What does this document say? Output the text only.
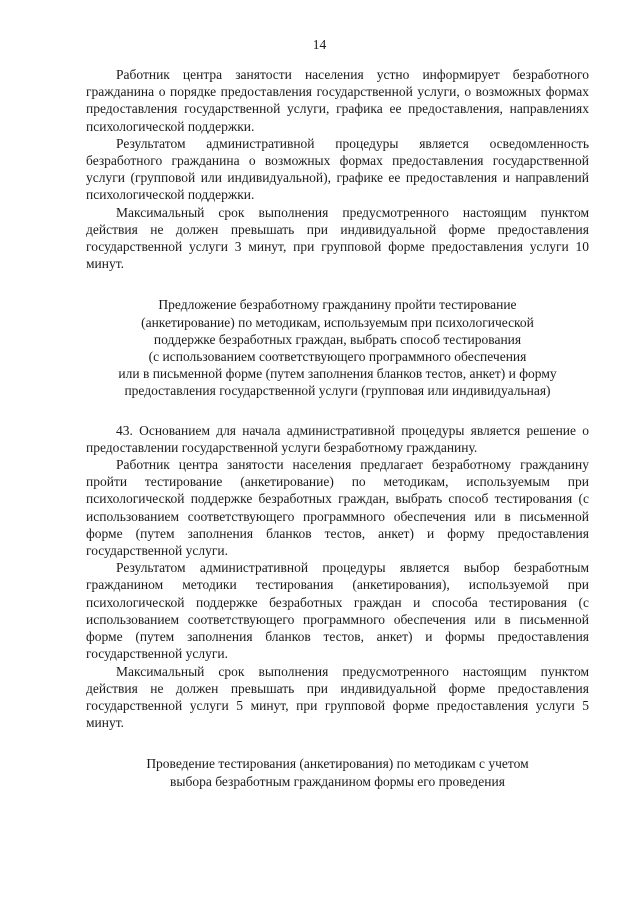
14

Работник центра занятости населения устно информирует безработного гражданина о порядке предоставления государственной услуги, о возможных формах предоставления государственной услуги, графика ее предоставления, направлениях психологической поддержки.

Результатом административной процедуры является осведомленность безработного гражданина о возможных формах предоставления государственной услуги (групповой или индивидуальной), графике ее предоставления и направлений психологической поддержки.

Максимальный срок выполнения предусмотренного настоящим пунктом действия не должен превышать при индивидуальной форме предоставления государственной услуги 3 минут, при групповой форме предоставления услуги 10 минут.

Предложение безработному гражданину пройти тестирование
(анкетирование) по методикам, используемым при психологической
поддержке безработных граждан, выбрать способ тестирования
(с использованием соответствующего программного обеспечения
или в письменной форме (путем заполнения бланков тестов, анкет) и форму
предоставления государственной услуги (групповая или индивидуальная)

43. Основанием для начала административной процедуры является решение о предоставлении государственной услуги безработному гражданину.

Работник центра занятости населения предлагает безработному гражданину пройти тестирование (анкетирование) по методикам, используемым при психологической поддержке безработных граждан, выбрать способ тестирования (с использованием соответствующего программного обеспечения или в письменной форме (путем заполнения бланков тестов, анкет) и форму предоставления государственной услуги.

Результатом административной процедуры является выбор безработным гражданином методики тестирования (анкетирования), используемой при психологической поддержке безработных граждан и способа тестирования (с использованием соответствующего программного обеспечения или в письменной форме (путем заполнения бланков тестов, анкет) и формы предоставления государственной услуги.

Максимальный срок выполнения предусмотренного настоящим пунктом действия не должен превышать при индивидуальной форме предоставления государственной услуги 5 минут, при групповой форме предоставления услуги 5 минут.

Проведение тестирования (анкетирования) по методикам с учетом
выбора безработным гражданином формы его проведения
